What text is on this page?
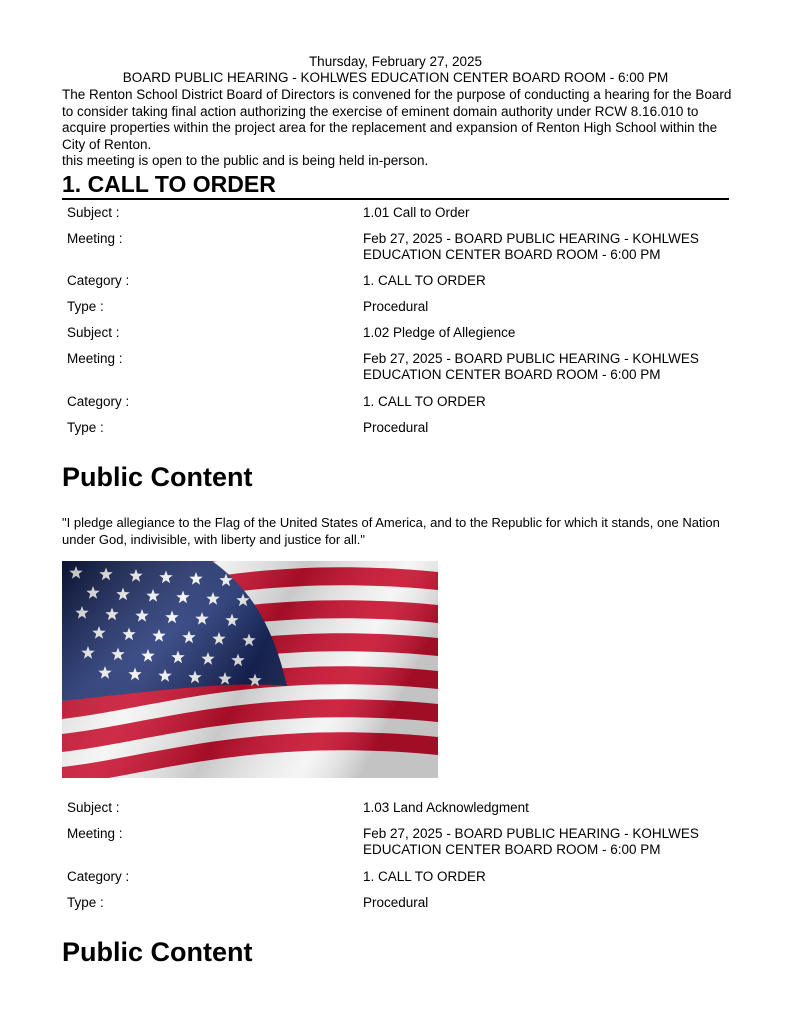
Thursday, February 27, 2025
BOARD PUBLIC HEARING - KOHLWES EDUCATION CENTER BOARD ROOM - 6:00 PM

The Renton School District Board of Directors is convened for the purpose of conducting a hearing for the Board to consider taking final action authorizing the exercise of eminent domain authority under RCW 8.16.010 to acquire properties within the project area for the replacement and expansion of Renton High School within the City of Renton.

this meeting is open to the public and is being held in-person.

1. CALL TO ORDER
Subject :	1.01 Call to Order
Meeting :	Feb 27, 2025 - BOARD PUBLIC HEARING - KOHLWES EDUCATION CENTER BOARD ROOM - 6:00 PM
Category :	1. CALL TO ORDER
Type :	Procedural
Subject :	1.02 Pledge of Allegience
Meeting :	Feb 27, 2025 - BOARD PUBLIC HEARING - KOHLWES EDUCATION CENTER BOARD ROOM - 6:00 PM
Category :	1. CALL TO ORDER
Type :	Procedural
Public Content
"I pledge allegiance to the Flag of the United States of America, and to the Republic for which it stands, one Nation under God, indivisible, with liberty and justice for all."
Subject :	1.03 Land Acknowledgment
Meeting :	Feb 27, 2025 - BOARD PUBLIC HEARING - KOHLWES EDUCATION CENTER BOARD ROOM - 6:00 PM
Category :	1. CALL TO ORDER
Type :	Procedural
Public Content
